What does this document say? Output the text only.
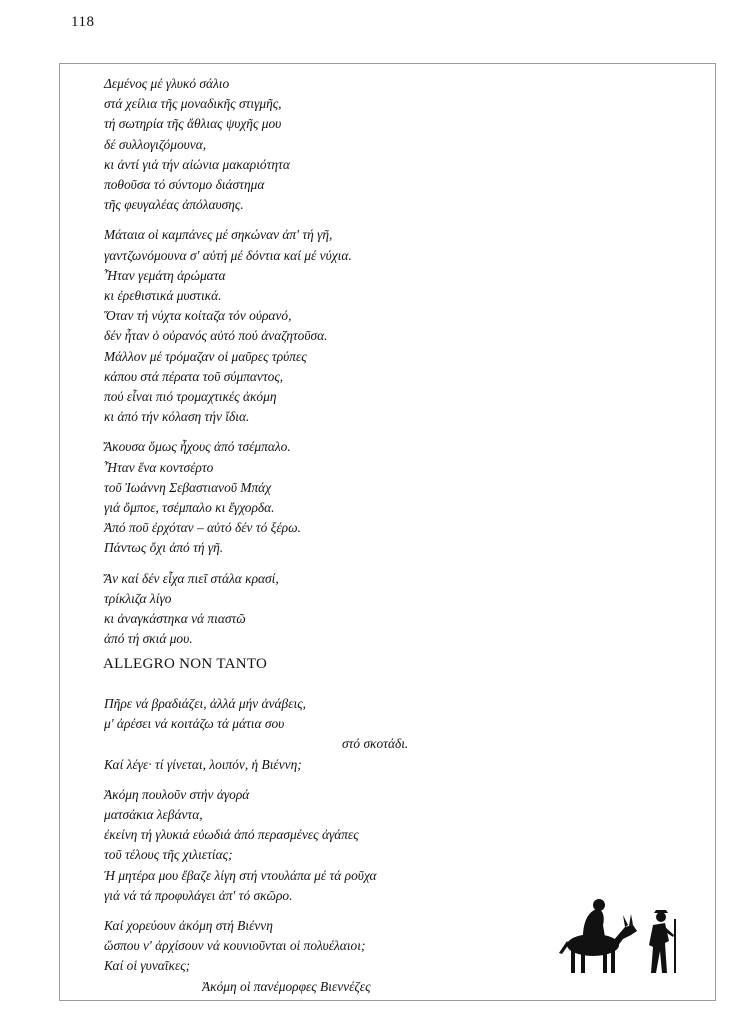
118
Δεμένος μέ γλυκό σάλιο
στά χείλια τῆς μοναδικῆς στιγμῆς,
τή σωτηρία τῆς ἄθλιας ψυχῆς μου
δέ συλλογιζόμουνα,
κι ἀντί γιά τήν αἰώνια μακαριότητα
ποθοῦσα τό σύντομο διάστημα
τῆς φευγαλέας ἀπόλαυσης.
Μάταια οἱ καμπάνες μέ σηκώναν ἀπ' τή γῆ,
γαντζωνόμουνα σ' αὐτή μέ δόντια καί μέ νύχια.
Ἦταν γεμάτη ἀρώματα
κι ἐρεθιστικά μυστικά.
Ὅταν τή νύχτα κοίταζα τόν οὐρανό,
δέν ἦταν ὁ οὐρανός αὐτό πού ἀναζητοῦσα.
Μάλλον μέ τρόμαζαν οἱ μαῦρες τρύπες
κάπου στά πέρατα τοῦ σύμπαντος,
πού εἶναι πιό τρομαχτικές ἀκόμη
κι ἀπό τήν κόλαση τήν ἴδια.
Ἄκουσα ὅμως ἦχους ἀπό τσέμπαλο.
Ἦταν ἕνα κοντσέρτο
τοῦ Ἰωάννη Σεβαστιανοῦ Μπάχ
γιά ὄμποε, τσέμπαλο κι ἔγχορδα.
Ἀπό ποῦ ἐρχόταν – αὐτό δέν τό ξέρω.
Πάντως ὄχι ἀπό τή γῆ.
Ἄν καί δέν εἶχα πιεῖ στάλα κρασί,
τρίκλιζα λίγο
κι ἀναγκάστηκα νά πιαστῶ
ἀπό τή σκιά μου.
ALLEGRO NON TANTO
Πῆρε νά βραδιάζει, ἀλλά μήν ἀνάβεις,
μ' ἀρέσει νά κοιτάζω τά μάτια σου
στό σκοτάδι.
Καί λέγε· τί γίνεται, λοιπόν, ἡ Βιέννη;
Ἀκόμη πουλοῦν στήν ἀγορά
ματσάκια λεβάντα,
ἐκείνη τή γλυκιά εὐωδιά ἀπό περασμένες ἀγάπες
τοῦ τέλους τῆς χιλιετίας;
Ἡ μητέρα μου ἔβαζε λίγη στή ντουλάπα μέ τά ροῦχα
γιά νά τά προφυλάγει ἀπ' τό σκῶρο.
Καί χορεύουν ἀκόμη στή Βιέννη
ὥσπου ν' ἀρχίσουν νά κουνιοῦνται οἱ πολυέλαιοι;
Καί οἱ γυναῖκες;
Ἀκόμη οἱ πανέμορφες Βιεννέζες
